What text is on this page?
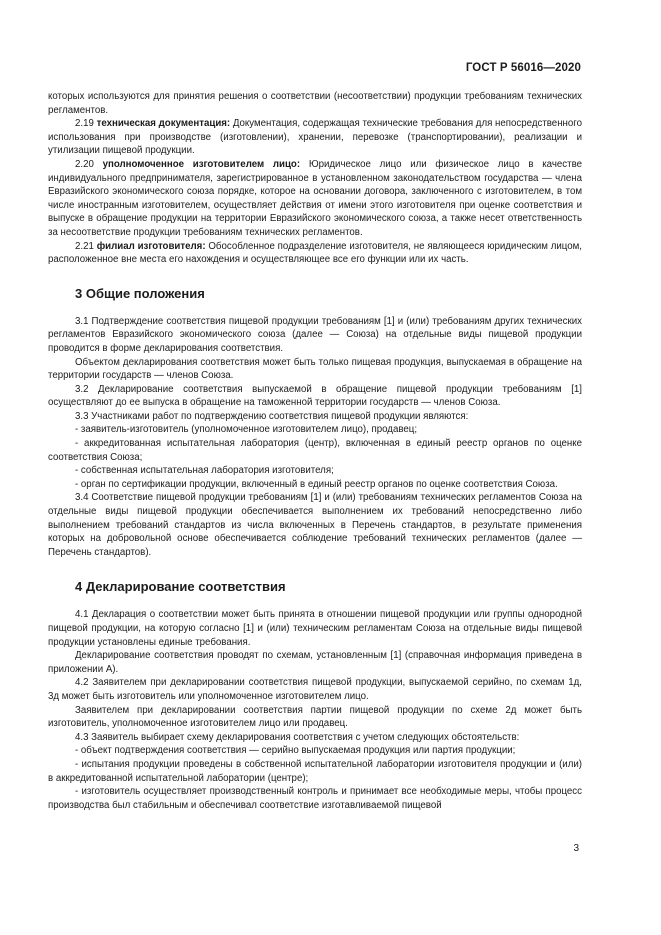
ГОСТ Р 56016—2020

которых используются для принятия решения о соответствии (несоответствии) продукции требованиям технических регламентов.

2.19 техническая документация: Документация, содержащая технические требования для непосредственного использования при производстве (изготовлении), хранении, перевозке (транспортировании), реализации и утилизации пищевой продукции.

2.20 уполномоченное изготовителем лицо: Юридическое лицо или физическое лицо в качестве индивидуального предпринимателя, зарегистрированное в установленном законодательством государства — члена Евразийского экономического союза порядке, которое на основании договора, заключенного с изготовителем, в том числе иностранным изготовителем, осуществляет действия от имени этого изготовителя при оценке соответствия и выпуске в обращение продукции на территории Евразийского экономического союза, а также несет ответственность за несоответствие продукции требованиям технических регламентов.

2.21 филиал изготовителя: Обособленное подразделение изготовителя, не являющееся юридическим лицом, расположенное вне места его нахождения и осуществляющее все его функции или их часть.

3 Общие положения

3.1 Подтверждение соответствия пищевой продукции требованиям [1] и (или) требованиям других технических регламентов Евразийского экономического союза (далее — Союза) на отдельные виды пищевой продукции проводится в форме декларирования соответствия.

Объектом декларирования соответствия может быть только пищевая продукция, выпускаемая в обращение на территории государств — членов Союза.

3.2 Декларирование соответствия выпускаемой в обращение пищевой продукции требованиям [1] осуществляют до ее выпуска в обращение на таможенной территории государств — членов Союза.

3.3 Участниками работ по подтверждению соответствия пищевой продукции являются:

- заявитель-изготовитель (уполномоченное изготовителем лицо), продавец;

- аккредитованная испытательная лаборатория (центр), включенная в единый реестр органов по оценке соответствия Союза;

- собственная испытательная лаборатория изготовителя;

- орган по сертификации продукции, включенный в единый реестр органов по оценке соответствия Союза.

3.4 Соответствие пищевой продукции требованиям [1] и (или) требованиям технических регламентов Союза на отдельные виды пищевой продукции обеспечивается выполнением их требований непосредственно либо выполнением требований стандартов из числа включенных в Перечень стандартов, в результате применения которых на добровольной основе обеспечивается соблюдение требований технических регламентов (далее — Перечень стандартов).

4 Декларирование соответствия

4.1 Декларация о соответствии может быть принята в отношении пищевой продукции или группы однородной пищевой продукции, на которую согласно [1] и (или) техническим регламентам Союза на отдельные виды пищевой продукции установлены единые требования.

Декларирование соответствия проводят по схемам, установленным [1] (справочная информация приведена в приложении А).

4.2 Заявителем при декларировании соответствия пищевой продукции, выпускаемой серийно, по схемам 1д, 3д может быть изготовитель или уполномоченное изготовителем лицо.

Заявителем при декларировании соответствия партии пищевой продукции по схеме 2д может быть изготовитель, уполномоченное изготовителем лицо или продавец.

4.3 Заявитель выбирает схему декларирования соответствия с учетом следующих обстоятельств:

- объект подтверждения соответствия — серийно выпускаемая продукция или партия продукции;

- испытания продукции проведены в собственной испытательной лаборатории изготовителя продукции и (или) в аккредитованной испытательной лаборатории (центре);

- изготовитель осуществляет производственный контроль и принимает все необходимые меры, чтобы процесс производства был стабильным и обеспечивал соответствие изготавливаемой пищевой

3
